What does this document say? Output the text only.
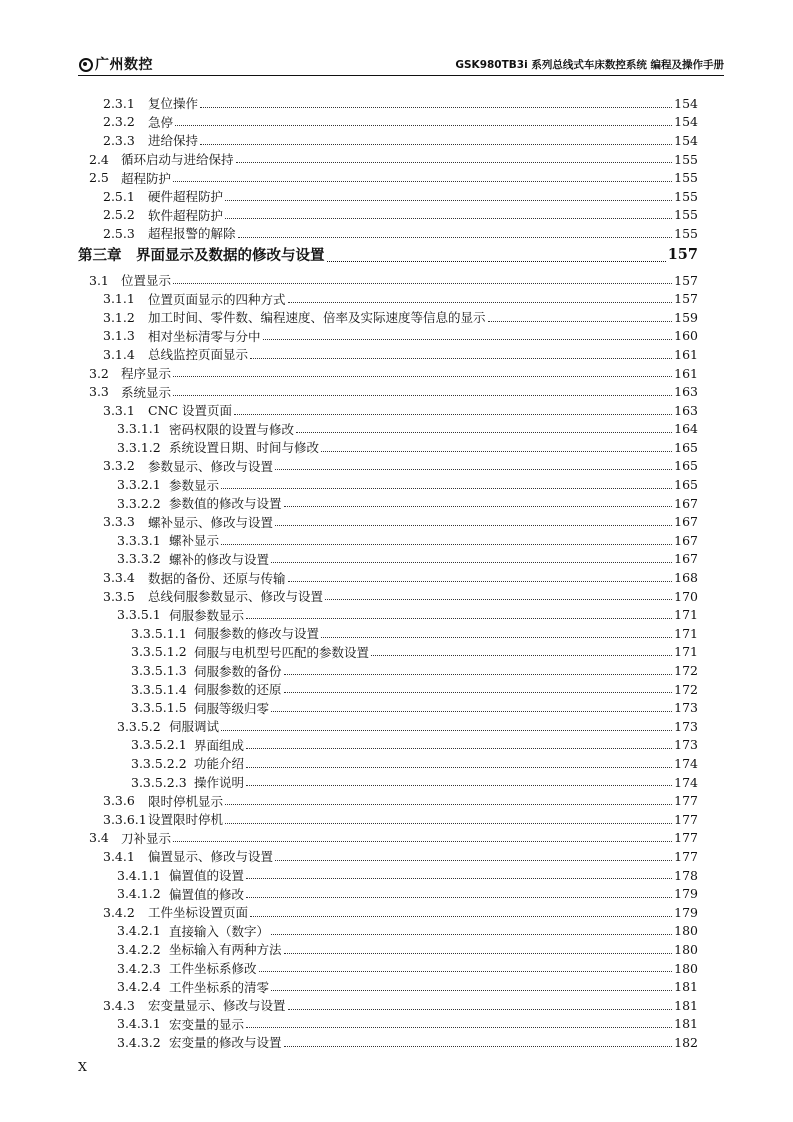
广州数控	GSK980TB3i 系列总线式车床数控系统 编程及操作手册
2.3.1	复位操作	154
2.3.2	急停	154
2.3.3	进给保持	154
2.4 循环启动与进给保持	155
2.5 超程防护	155
2.5.1	硬件超程防护	155
2.5.2	软件超程防护	155
2.5.3	超程报警的解除	155
第三章	界面显示及数据的修改与设置	157
3.1 位置显示	157
3.1.1	位置页面显示的四种方式	157
3.1.2	加工时间、零件数、编程速度、倍率及实际速度等信息的显示	159
3.1.3	相对坐标清零与分中	160
3.1.4	总线监控页面显示	161
3.2 程序显示	161
3.3 系统显示	163
3.3.1	CNC 设置页面	163
3.3.1.1 密码权限的设置与修改	164
3.3.1.2 系统设置日期、时间与修改	165
3.3.2	参数显示、修改与设置	165
3.3.2.1 参数显示	165
3.3.2.2 参数值的修改与设置	167
3.3.3	螺补显示、修改与设置	167
3.3.3.1 螺补显示	167
3.3.3.2 螺补的修改与设置	167
3.3.4	数据的备份、还原与传输	168
3.3.5	总线伺服参数显示、修改与设置	170
3.3.5.1 伺服参数显示	171
3.3.5.1.1 伺服参数的修改与设置	171
3.3.5.1.2 伺服与电机型号匹配的参数设置	171
3.3.5.1.3 伺服参数的备份	172
3.3.5.1.4 伺服参数的还原	172
3.3.5.1.5 伺服等级归零	173
3.3.5.2 伺服调试	173
3.3.5.2.1 界面组成	173
3.3.5.2.2 功能介绍	174
3.3.5.2.3 操作说明	174
3.3.6	限时停机显示	177
3.3.6.1 设置限时停机	177
3.4 刀补显示	177
3.4.1	偏置显示、修改与设置	177
3.4.1.1 偏置值的设置	178
3.4.1.2 偏置值的修改	179
3.4.2	工件坐标设置页面	179
3.4.2.1 直接输入（数字）	180
3.4.2.2 坐标输入有两种方法	180
3.4.2.3 工件坐标系修改	180
3.4.2.4 工件坐标系的清零	181
3.4.3	宏变量显示、修改与设置	181
3.4.3.1 宏变量的显示	181
3.4.3.2 宏变量的修改与设置	182
X
